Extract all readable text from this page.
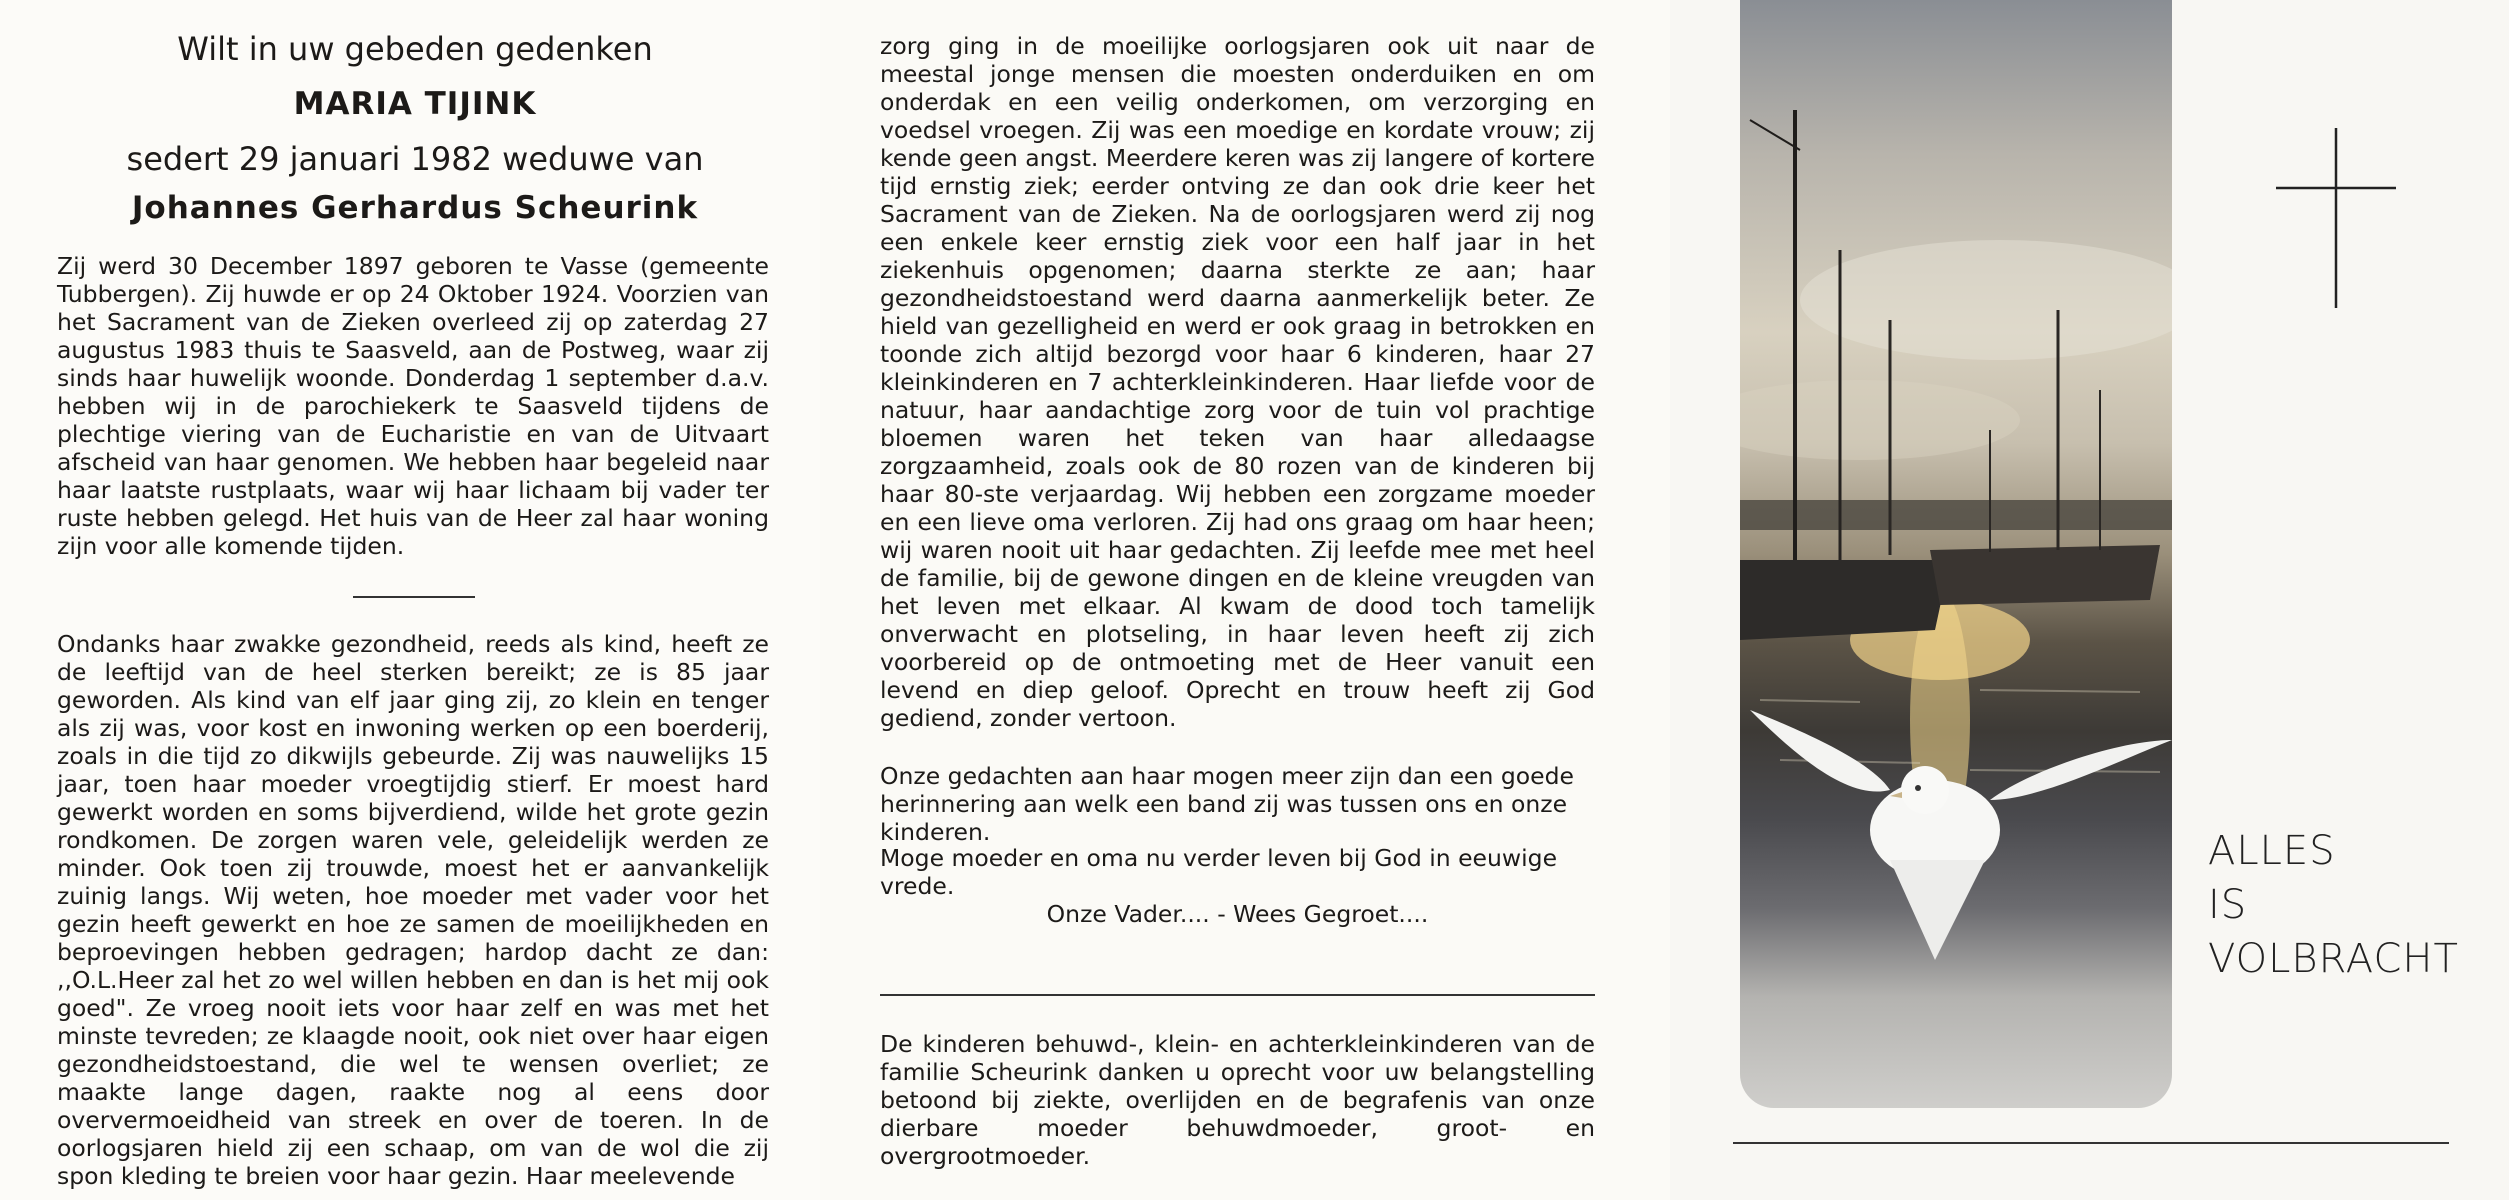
Wilt in uw gebeden gedenken
MARIA TIJINK
sedert 29 januari 1982 weduwe van
Johannes Gerhardus Scheurink

Zij werd 30 December 1897 geboren te Vasse (gemeente Tubbergen). Zij huwde er op 24 Oktober 1924. Voorzien van het Sacrament van de Zieken overleed zij op zaterdag 27 augustus 1983 thuis te Saasveld, aan de Postweg, waar zij sinds haar huwelijk woonde. Donderdag 1 september d.a.v. hebben wij in de parochiekerk te Saasveld tijdens de plechtige viering van de Eucharistie en van de Uitvaart afscheid van haar genomen. We hebben haar begeleid naar haar laatste rustplaats, waar wij haar lichaam bij vader ter ruste hebben gelegd. Het huis van de Heer zal haar woning zijn voor alle komende tijden.

Ondanks haar zwakke gezondheid, reeds als kind, heeft ze de leeftijd van de heel sterken bereikt; ze is 85 jaar geworden. Als kind van elf jaar ging zij, zo klein en tenger als zij was, voor kost en inwoning werken op een boerderij, zoals in die tijd zo dikwijls gebeurde. Zij was nauwelijks 15 jaar, toen haar moeder vroegtijdig stierf. Er moest hard gewerkt worden en soms bijverdiend, wilde het grote gezin rondkomen. De zorgen waren vele, geleidelijk werden ze minder. Ook toen zij trouwde, moest het er aanvankelijk zuinig langs. Wij weten, hoe moeder met vader voor het gezin heeft gewerkt en hoe ze samen de moeilijkheden en beproevingen hebben gedragen; hardop dacht ze dan: ,,O.L.Heer zal het zo wel willen hebben en dan is het mij ook goed". Ze vroeg nooit iets voor haar zelf en was met het minste tevreden; ze klaagde nooit, ook niet over haar eigen gezondheidstoestand, die wel te wensen overliet; ze maakte lange dagen, raakte nog al eens door oververmoeidheid van streek en over de toeren. In de oorlogsjaren hield zij een schaap, om van de wol die zij spon kleding te breien voor haar gezin. Haar meelevende

zorg ging in de moeilijke oorlogsjaren ook uit naar de meestal jonge mensen die moesten onderduiken en om onderdak en een veilig onderkomen, om verzorging en voedsel vroegen. Zij was een moedige en kordate vrouw; zij kende geen angst. Meerdere keren was zij langere of kortere tijd ernstig ziek; eerder ontving ze dan ook drie keer het Sacrament van de Zieken. Na de oorlogsjaren werd zij nog een enkele keer ernstig ziek voor een half jaar in het ziekenhuis opgenomen; daarna sterkte ze aan; haar gezondheidstoestand werd daarna aanmerkelijk beter. Ze hield van gezelligheid en werd er ook graag in betrokken en toonde zich altijd bezorgd voor haar 6 kinderen, haar 27 kleinkinderen en 7 achterkleinkinderen. Haar liefde voor de natuur, haar aandachtige zorg voor de tuin vol prachtige bloemen waren het teken van haar alledaagse zorgzaamheid, zoals ook de 80 rozen van de kinderen bij haar 80-ste verjaardag. Wij hebben een zorgzame moeder en een lieve oma verloren. Zij had ons graag om haar heen; wij waren nooit uit haar gedachten. Zij leefde mee met heel de familie, bij de gewone dingen en de kleine vreugden van het leven met elkaar. Al kwam de dood toch tamelijk onverwacht en plotseling, in haar leven heeft zij zich voorbereid op de ontmoeting met de Heer vanuit een levend en diep geloof. Oprecht en trouw heeft zij God gediend, zonder vertoon.

Onze gedachten aan haar mogen meer zijn dan een goede herinnering aan welk een band zij was tussen ons en onze kinderen.

Moge moeder en oma nu verder leven bij God in eeuwige vrede.

Onze Vader.... - Wees Gegroet....

De kinderen behuwd-, klein- en achterkleinkinderen van de familie Scheurink danken u oprecht voor uw belangstelling betoond bij ziekte, overlijden en de begrafenis van onze dierbare moeder behuwdmoeder, groot- en overgrootmoeder.

ALLES
IS
VOLBRACHT
